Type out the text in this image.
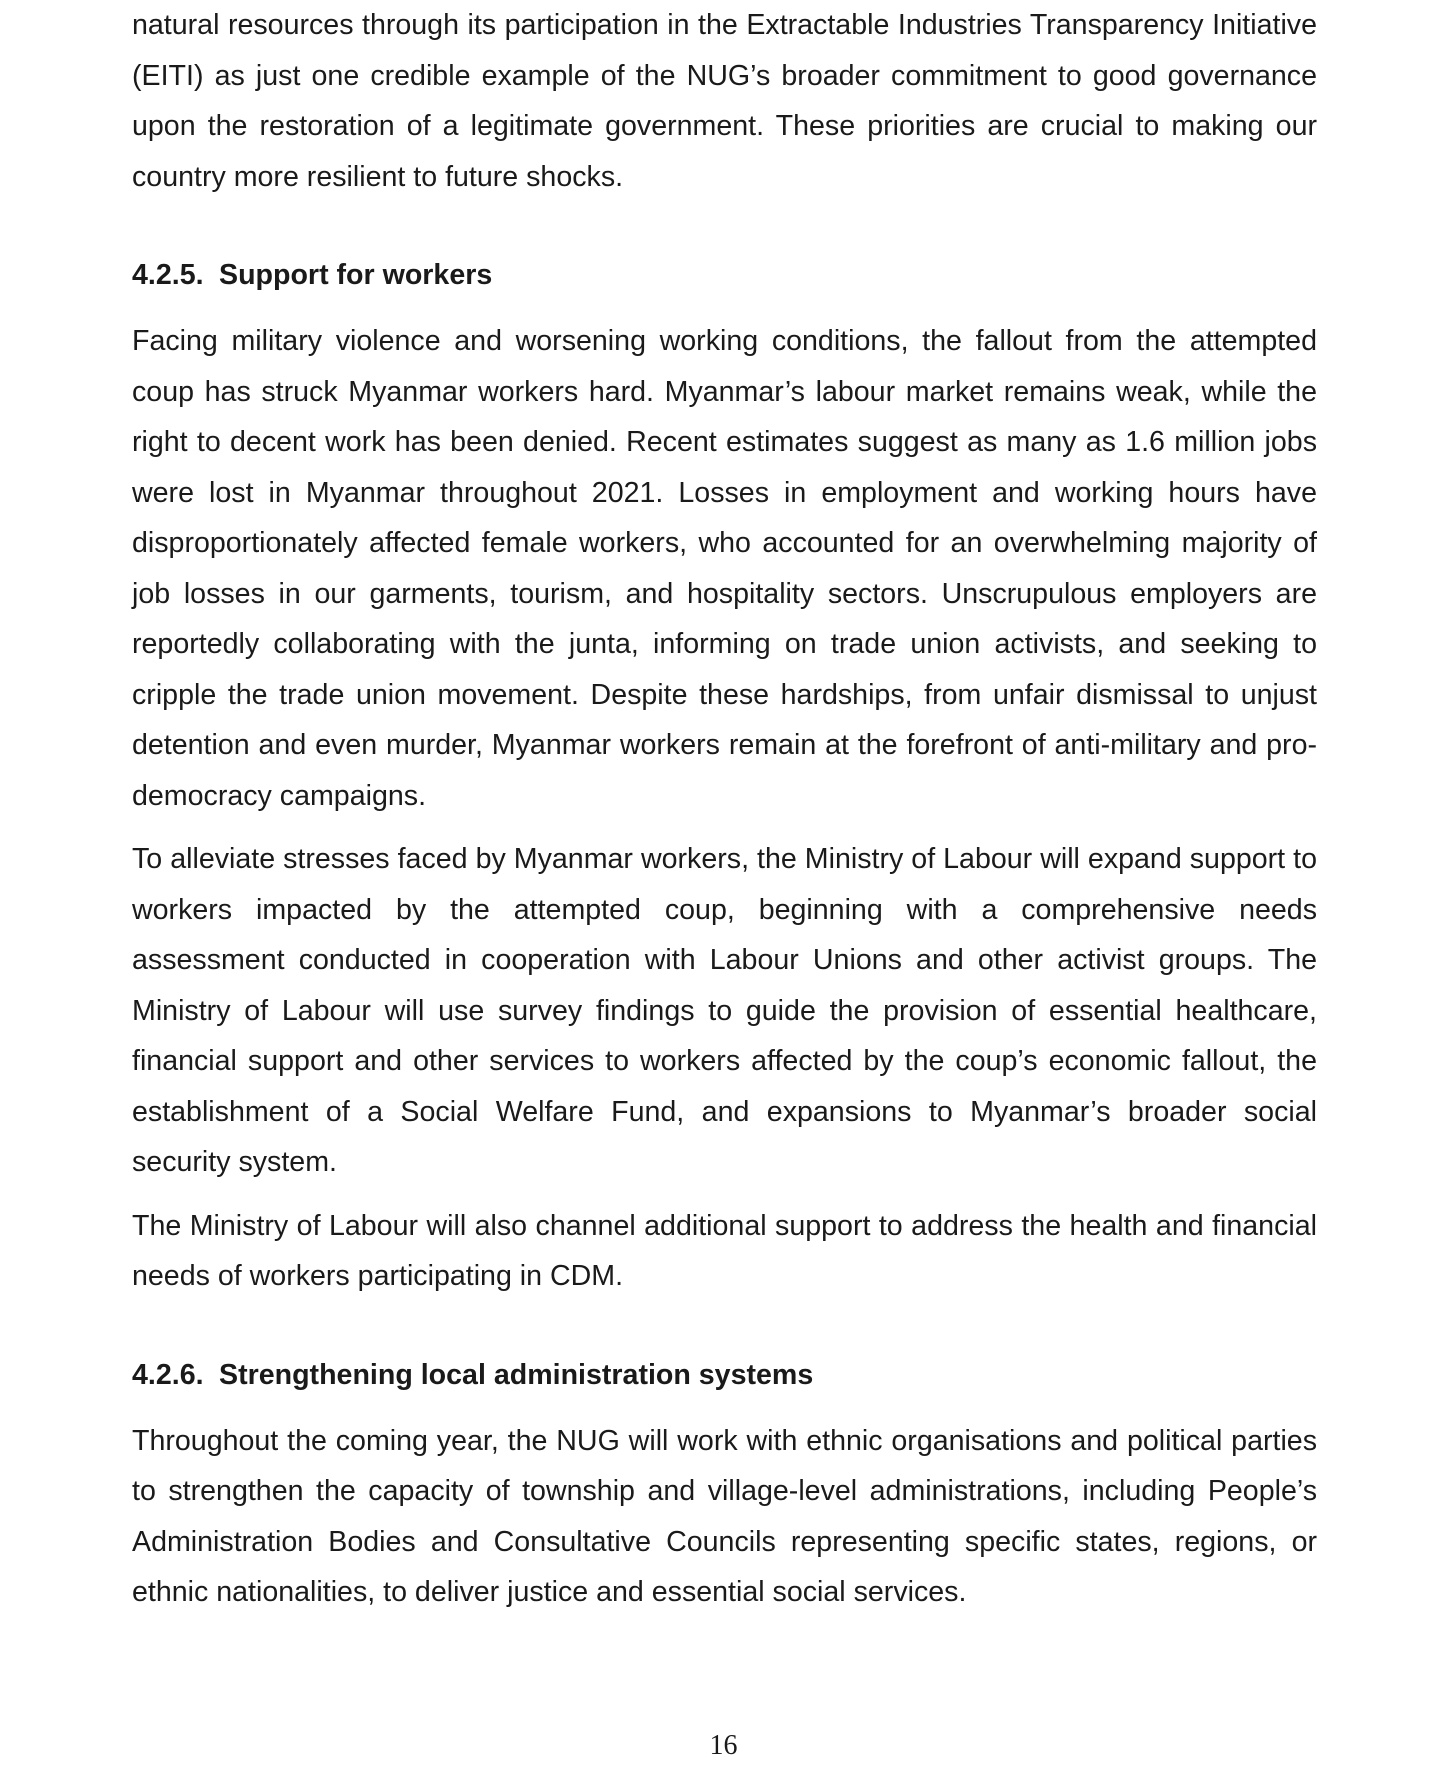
natural resources through its participation in the Extractable Industries Transparency Initiative (EITI) as just one credible example of the NUG’s broader commitment to good governance upon the restoration of a legitimate government. These priorities are crucial to making our country more resilient to future shocks.

4.2.5. Support for workers

Facing military violence and worsening working conditions, the fallout from the attempted coup has struck Myanmar workers hard. Myanmar’s labour market remains weak, while the right to decent work has been denied. Recent estimates suggest as many as 1.6 million jobs were lost in Myanmar throughout 2021. Losses in employment and working hours have disproportionately affected female workers, who accounted for an overwhelming majority of job losses in our garments, tourism, and hospitality sectors. Unscrupulous employers are reportedly collaborating with the junta, informing on trade union activists, and seeking to cripple the trade union movement. Despite these hardships, from unfair dismissal to unjust detention and even murder, Myanmar workers remain at the forefront of anti-military and pro-democracy campaigns.

To alleviate stresses faced by Myanmar workers, the Ministry of Labour will expand support to workers impacted by the attempted coup, beginning with a comprehensive needs assessment conducted in cooperation with Labour Unions and other activist groups. The Ministry of Labour will use survey findings to guide the provision of essential healthcare, financial support and other services to workers affected by the coup’s economic fallout, the establishment of a Social Welfare Fund, and expansions to Myanmar’s broader social security system.

The Ministry of Labour will also channel additional support to address the health and financial needs of workers participating in CDM.

4.2.6. Strengthening local administration systems

Throughout the coming year, the NUG will work with ethnic organisations and political parties to strengthen the capacity of township and village-level administrations, including People’s Administration Bodies and Consultative Councils representing specific states, regions, or ethnic nationalities, to deliver justice and essential social services.

16
